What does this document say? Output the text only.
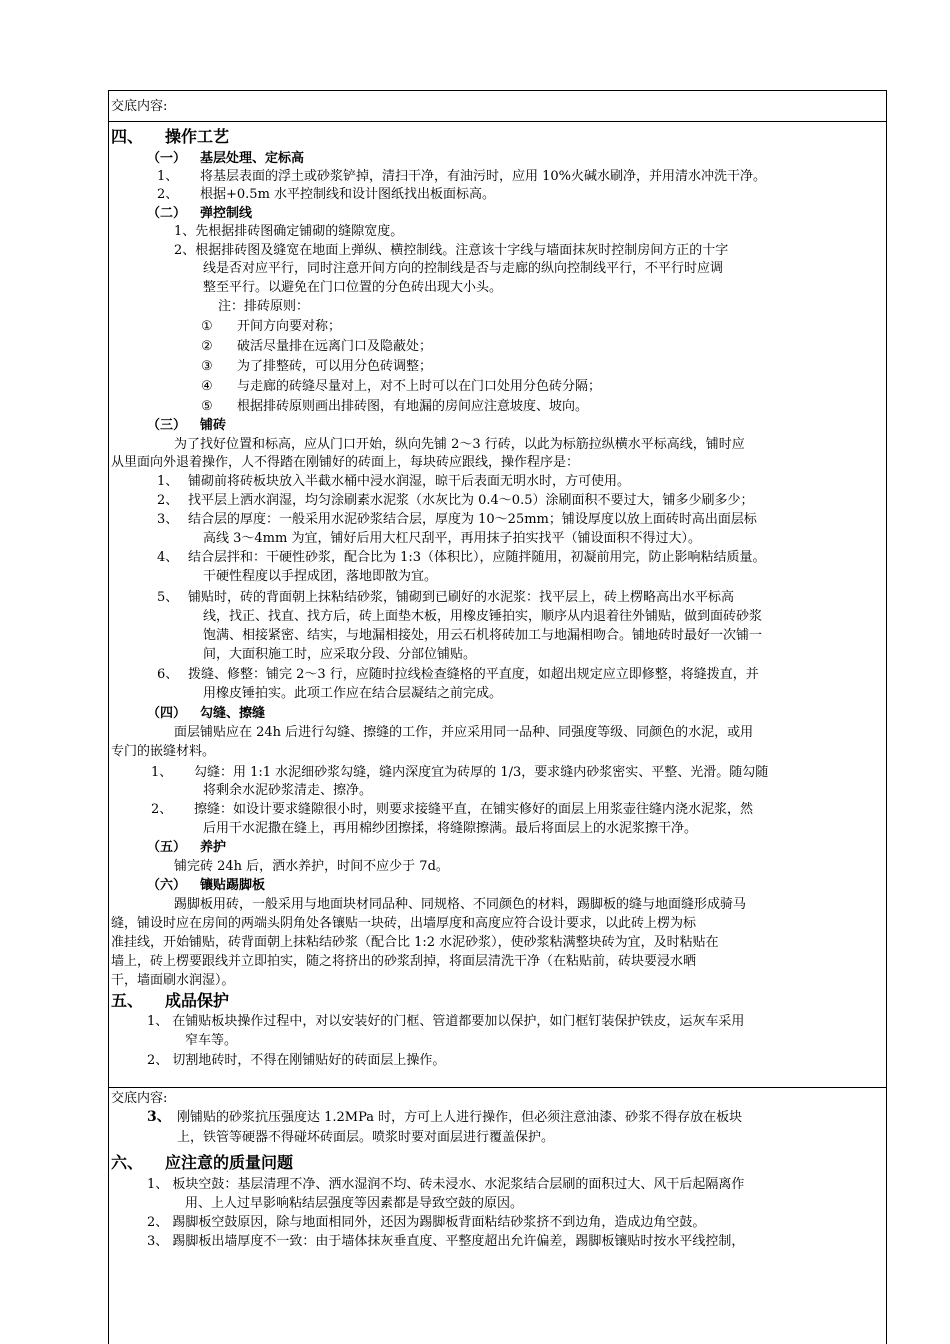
交底内容:
四、 操作工艺
（一） 基层处理、定标高
1、 将基层表面的浮土或砂浆铲掉，清扫干净，有油污时，应用 10%火碱水刷净，并用清水冲洗干净。
2、 根据+0.5m 水平控制线和设计图纸找出板面标高。
（二） 弹控制线
1、先根据排砖图确定铺砌的缝隙宽度。
2、根据排砖图及缝宽在地面上弹纵、横控制线。注意该十字线与墙面抹灰时控制房间方正的十字
线是否对应平行，同时注意开间方向的控制线是否与走廊的纵向控制线平行，不平行时应调
整至平行。以避免在门口位置的分色砖出现大小头。
注：排砖原则：
① 开间方向要对称；
② 破活尽量排在远离门口及隐蔽处；
③ 为了排整砖，可以用分色砖调整；
④ 与走廊的砖缝尽量对上，对不上时可以在门口处用分色砖分隔；
⑤ 根据排砖原则画出排砖图，有地漏的房间应注意坡度、坡向。
（三） 铺砖
为了找好位置和标高，应从门口开始，纵向先铺 2～3 行砖，以此为标筋拉纵横水平标高线，铺时应
从里面向外退着操作，人不得踏在刚铺好的砖面上，每块砖应跟线，操作程序是：
1、 铺砌前将砖板块放入半截水桶中浸水润湿，晾干后表面无明水时，方可使用。
2、 找平层上洒水润湿，均匀涂刷素水泥浆（水灰比为 0.4～0.5）涂刷面积不要过大，铺多少刷多少；
3、 结合层的厚度：一般采用水泥砂浆结合层，厚度为 10～25mm；铺设厚度以放上面砖时高出面层标
高线 3～4mm 为宜，铺好后用大杠尺刮平，再用抹子拍实找平（铺设面积不得过大）。
4、 结合层拌和：干硬性砂浆，配合比为 1:3（体积比），应随拌随用，初凝前用完，防止影响粘结质量。
干硬性程度以手捏成团，落地即散为宜。
5、 铺贴时，砖的背面朝上抹粘结砂浆，铺砌到已刷好的水泥浆：找平层上，砖上楞略高出水平标高
线，找正、找直、找方后，砖上面垫木板，用橡皮锤拍实，顺序从内退着往外铺贴，做到面砖砂浆
饱满、相接紧密、结实，与地漏相接处，用云石机将砖加工与地漏相吻合。铺地砖时最好一次铺一
间，大面积施工时，应采取分段、分部位铺贴。
6、 拨缝、修整：铺完 2～3 行，应随时拉线检查缝格的平直度，如超出规定应立即修整，将缝拨直，并
用橡皮锤拍实。此项工作应在结合层凝结之前完成。
（四） 勾缝、擦缝
面层铺贴应在 24h 后进行勾缝、擦缝的工作，并应采用同一品种、同强度等级、同颜色的水泥，或用
专门的嵌缝材料。
1、 勾缝：用 1:1 水泥细砂浆勾缝，缝内深度宜为砖厚的 1/3，要求缝内砂浆密实、平整、光滑。随勾随
将剩余水泥砂浆清走、擦净。
2、 擦缝：如设计要求缝隙很小时，则要求接缝平直，在铺实修好的面层上用浆壶往缝内浇水泥浆，然
后用干水泥撒在缝上，再用棉纱团擦揉，将缝隙擦满。最后将面层上的水泥浆擦干净。
（五） 养护
铺完砖 24h 后，洒水养护，时间不应少于 7d。
（六） 镶贴踢脚板
踢脚板用砖，一般采用与地面块材同品种、同规格、不同颜色的材料，踢脚板的缝与地面缝形成骑马
缝，铺设时应在房间的两端头阴角处各镶贴一块砖，出墙厚度和高度应符合设计要求，以此砖上楞为标
准挂线，开始铺贴，砖背面朝上抹粘结砂浆（配合比 1:2 水泥砂浆），使砂浆粘满整块砖为宜，及时粘贴在
墙上，砖上楞要跟线并立即拍实，随之将挤出的砂浆刮掉，将面层清洗干净（在粘贴前，砖块要浸水晒
干，墙面刷水润湿）。
五、 成品保护
1、 在铺贴板块操作过程中，对以安装好的门框、管道都要加以保护，如门框钉装保护铁皮，运灰车采用
窄车等。
2、 切割地砖时，不得在刚铺贴好的砖面层上操作。
交底内容:
3、 刚铺贴的砂浆抗压强度达 1.2MPa 时，方可上人进行操作，但必须注意油漆、砂浆不得存放在板块
上，铁管等硬器不得碰坏砖面层。喷浆时要对面层进行覆盖保护。
六、 应注意的质量问题
1、 板块空鼓：基层清理不净、洒水湿润不均、砖未浸水、水泥浆结合层刷的面积过大、风干后起隔离作
用、上人过早影响粘结层强度等因素都是导致空鼓的原因。
2、 踢脚板空鼓原因，除与地面相同外，还因为踢脚板背面粘结砂浆挤不到边角，造成边角空鼓。
3、 踢脚板出墙厚度不一致：由于墙体抹灰垂直度、平整度超出允许偏差，踢脚板镶贴时按水平线控制，
